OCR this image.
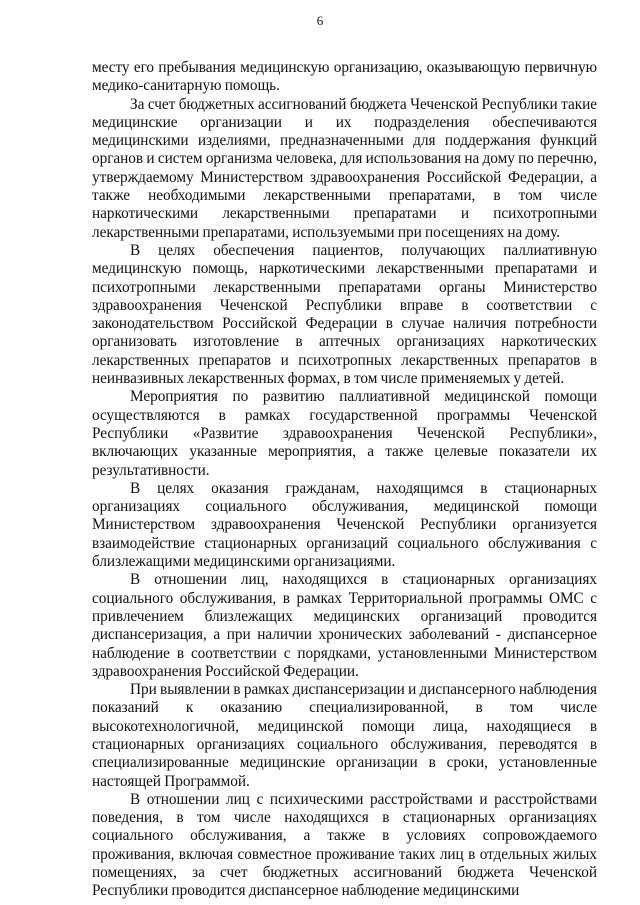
6

месту его пребывания медицинскую организацию, оказывающую первичную медико-санитарную помощь.

За счет бюджетных ассигнований бюджета Чеченской Республики такие медицинские организации и их подразделения обеспечиваются медицинскими изделиями, предназначенными для поддержания функций органов и систем организма человека, для использования на дому по перечню, утверждаемому Министерством здравоохранения Российской Федерации, а также необходимыми лекарственными препаратами, в том числе наркотическими лекарственными препаратами и психотропными лекарственными препаратами, используемыми при посещениях на дому.

В целях обеспечения пациентов, получающих паллиативную медицинскую помощь, наркотическими лекарственными препаратами и психотропными лекарственными препаратами органы Министерство здравоохранения Чеченской Республики вправе в соответствии с законодательством Российской Федерации в случае наличия потребности организовать изготовление в аптечных организациях наркотических лекарственных препаратов и психотропных лекарственных препаратов в неинвазивных лекарственных формах, в том числе применяемых у детей.

Мероприятия по развитию паллиативной медицинской помощи осуществляются в рамках государственной программы Чеченской Республики «Развитие здравоохранения Чеченской Республики», включающих указанные мероприятия, а также целевые показатели их результативности.

В целях оказания гражданам, находящимся в стационарных организациях социального обслуживания, медицинской помощи Министерством здравоохранения Чеченской Республики организуется взаимодействие стационарных организаций социального обслуживания с близлежащими медицинскими организациями.

В отношении лиц, находящихся в стационарных организациях социального обслуживания, в рамках Территориальной программы ОМС с привлечением близлежащих медицинских организаций проводится диспансеризация, а при наличии хронических заболеваний - диспансерное наблюдение в соответствии с порядками, установленными Министерством здравоохранения Российской Федерации.

При выявлении в рамках диспансеризации и диспансерного наблюдения показаний к оказанию специализированной, в том числе высокотехнологичной, медицинской помощи лица, находящиеся в стационарных организациях социального обслуживания, переводятся в специализированные медицинские организации в сроки, установленные настоящей Программой.

В отношении лиц с психическими расстройствами и расстройствами поведения, в том числе находящихся в стационарных организациях социального обслуживания, а также в условиях сопровождаемого проживания, включая совместное проживание таких лиц в отдельных жилых помещениях, за счет бюджетных ассигнований бюджета Чеченской Республики проводится диспансерное наблюдение медицинскими
